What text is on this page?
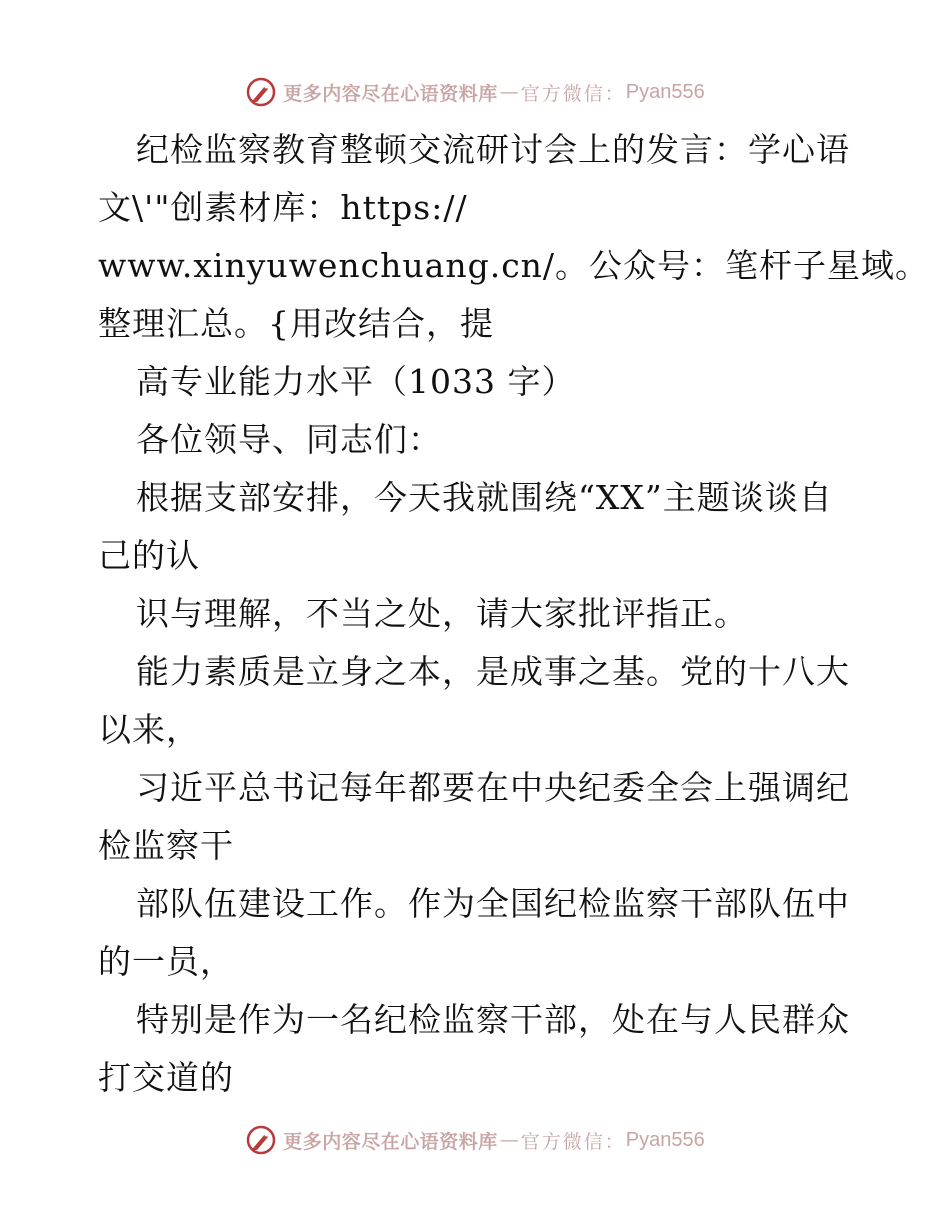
更多内容尽在心语资料库 — 官方微信： Pyan556
纪检监察教育整顿交流研讨会上的发言：学心语
文\'"创素材库：https://
www.xinyuwenchuang.cn/。公众号：笔杆子星域。
整理汇总。{用改结合，提
高专业能力水平（1033 字）
各位领导、同志们：
根据支部安排，今天我就围绕“XX”主题谈谈自
己的认
识与理解，不当之处，请大家批评指正。
能力素质是立身之本，是成事之基。党的十八大
以来，
习近平总书记每年都要在中央纪委全会上强调纪
检监察干
部队伍建设工作。作为全国纪检监察干部队伍中
的一员，
特别是作为一名纪检监察干部，处在与人民群众
打交道的
更多内容尽在心语资料库 — 官方微信： Pyan556
